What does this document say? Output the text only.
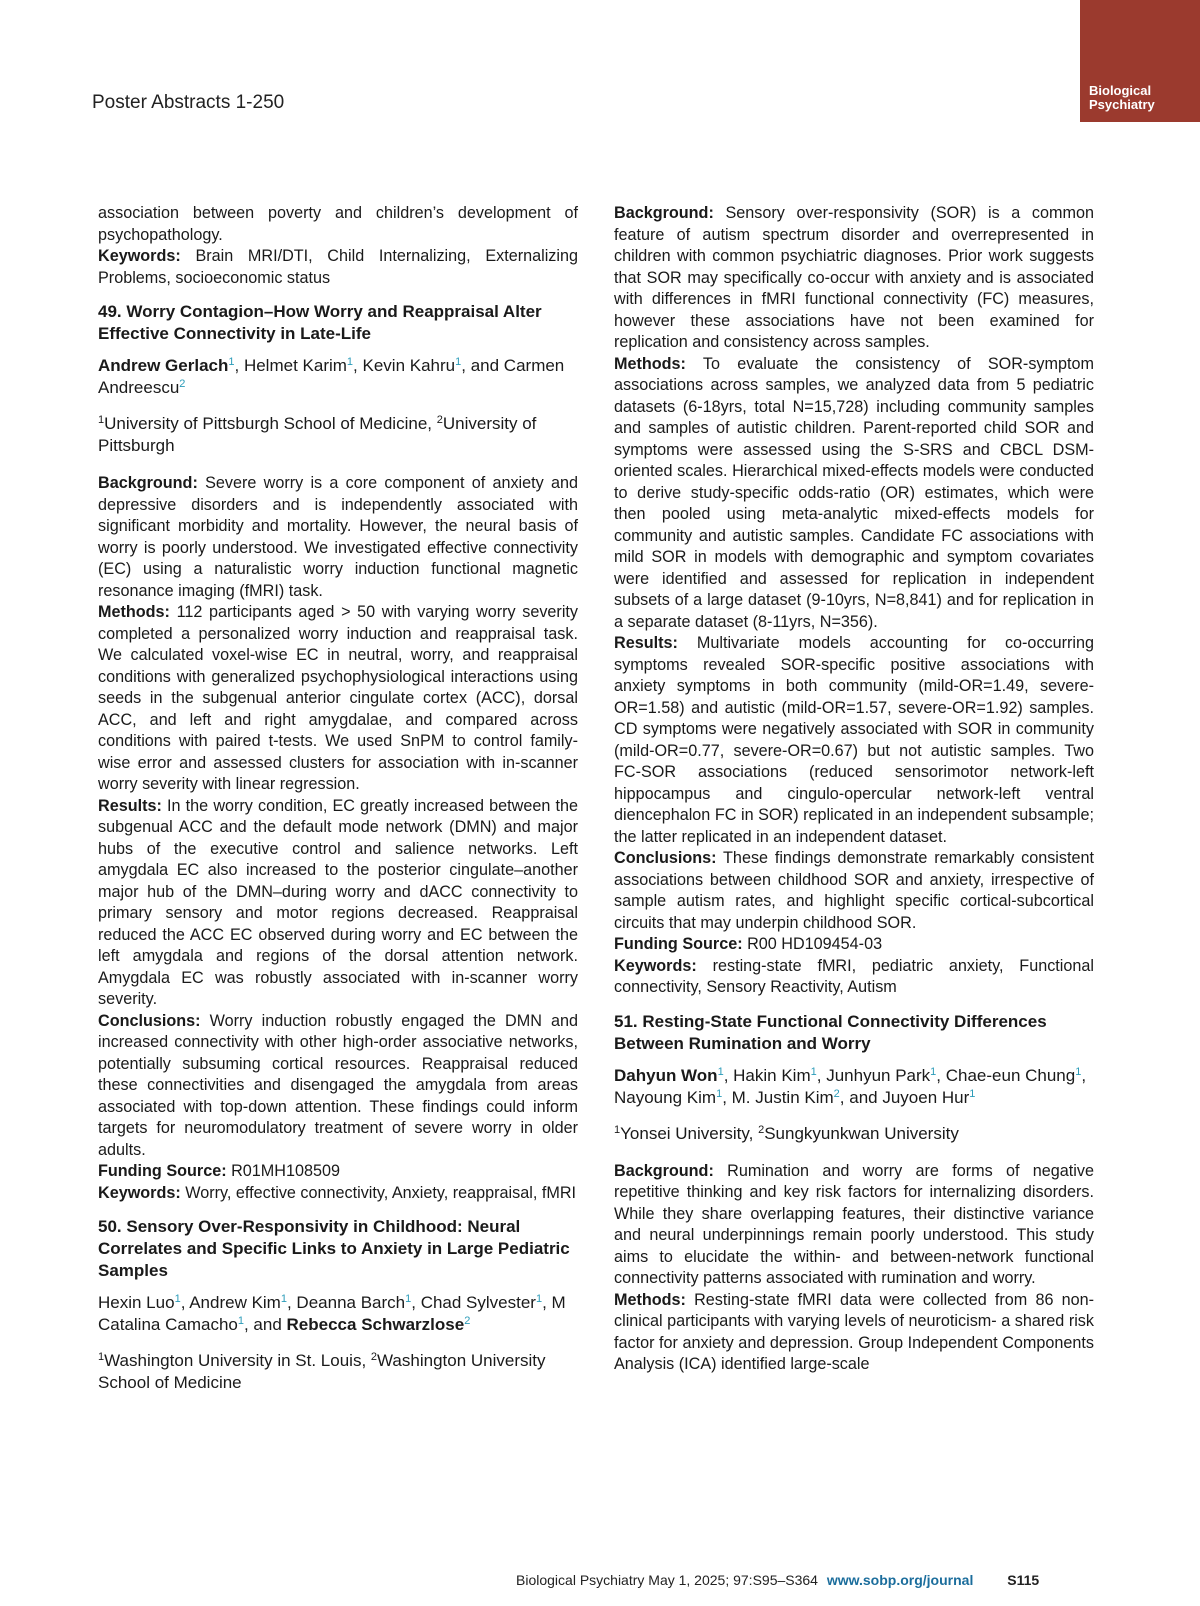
Biological
Psychiatry
Poster Abstracts 1-250

association between poverty and children’s development of psychopathology.

Keywords: Brain MRI/DTI, Child Internalizing, Externalizing Problems, socioeconomic status

49. Worry Contagion–How Worry and Reappraisal Alter Effective Connectivity in Late-Life

Andrew Gerlach$^1$, Helmet Karim$^1$, Kevin Kahru$^1$, and Carmen Andreescu$^2$

$^1$University of Pittsburgh School of Medicine, $^2$University of Pittsburgh

Background: Severe worry is a core component of anxiety and depressive disorders and is independently associated with significant morbidity and mortality. However, the neural basis of worry is poorly understood. We investigated effective connectivity (EC) using a naturalistic worry induction functional magnetic resonance imaging (fMRI) task.

Methods: 112 participants aged > 50 with varying worry severity completed a personalized worry induction and reappraisal task. We calculated voxel-wise EC in neutral, worry, and reappraisal conditions with generalized psychophysiological interactions using seeds in the subgenual anterior cingulate cortex (ACC), dorsal ACC, and left and right amygdalae, and compared across conditions with paired t-tests. We used SnPM to control family-wise error and assessed clusters for association with in-scanner worry severity with linear regression.

Results: In the worry condition, EC greatly increased between the subgenual ACC and the default mode network (DMN) and major hubs of the executive control and salience networks. Left amygdala EC also increased to the posterior cingulate–another major hub of the DMN–during worry and dACC connectivity to primary sensory and motor regions decreased. Reappraisal reduced the ACC EC observed during worry and EC between the left amygdala and regions of the dorsal attention network. Amygdala EC was robustly associated with in-scanner worry severity.

Conclusions: Worry induction robustly engaged the DMN and increased connectivity with other high-order associative networks, potentially subsuming cortical resources. Reappraisal reduced these connectivities and disengaged the amygdala from areas associated with top-down attention. These findings could inform targets for neuromodulatory treatment of severe worry in older adults.

Funding Source: R01MH108509

Keywords: Worry, effective connectivity, Anxiety, reappraisal, fMRI

50. Sensory Over-Responsivity in Childhood: Neural Correlates and Specific Links to Anxiety in Large Pediatric Samples

Hexin Luo$^1$, Andrew Kim$^1$, Deanna Barch$^1$, Chad Sylvester$^1$, M Catalina Camacho$^1$, and Rebecca Schwarzlose$^2$

$^1$Washington University in St. Louis, $^2$Washington University School of Medicine

Background: Sensory over-responsivity (SOR) is a common feature of autism spectrum disorder and overrepresented in children with common psychiatric diagnoses. Prior work suggests that SOR may specifically co-occur with anxiety and is associated with differences in fMRI functional connectivity (FC) measures, however these associations have not been examined for replication and consistency across samples.

Methods: To evaluate the consistency of SOR-symptom associations across samples, we analyzed data from 5 pediatric datasets (6-18yrs, total N=15,728) including community samples and samples of autistic children. Parent-reported child SOR and symptoms were assessed using the S-SRS and CBCL DSM-oriented scales. Hierarchical mixed-effects models were conducted to derive study-specific odds-ratio (OR) estimates, which were then pooled using meta-analytic mixed-effects models for community and autistic samples. Candidate FC associations with mild SOR in models with demographic and symptom covariates were identified and assessed for replication in independent subsets of a large dataset (9-10yrs, N=8,841) and for replication in a separate dataset (8-11yrs, N=356).

Results: Multivariate models accounting for co-occurring symptoms revealed SOR-specific positive associations with anxiety symptoms in both community (mild-OR=1.49, severe-OR=1.58) and autistic (mild-OR=1.57, severe-OR=1.92) samples. CD symptoms were negatively associated with SOR in community (mild-OR=0.77, severe-OR=0.67) but not autistic samples. Two FC-SOR associations (reduced sensorimotor network-left hippocampus and cingulo-opercular network-left ventral diencephalon FC in SOR) replicated in an independent subsample; the latter replicated in an independent dataset.

Conclusions: These findings demonstrate remarkably consistent associations between childhood SOR and anxiety, irrespective of sample autism rates, and highlight specific cortical-subcortical circuits that may underpin childhood SOR.

Funding Source: R00 HD109454-03

Keywords: resting-state fMRI, pediatric anxiety, Functional connectivity, Sensory Reactivity, Autism

51. Resting-State Functional Connectivity Differences Between Rumination and Worry

Dahyun Won$^1$, Hakin Kim$^1$, Junhyun Park$^1$, Chae-eun Chung$^1$, Nayoung Kim$^1$, M. Justin Kim$^2$, and Juyoen Hur$^1$

$^1$Yonsei University, $^2$Sungkyunkwan University

Background: Rumination and worry are forms of negative repetitive thinking and key risk factors for internalizing disorders. While they share overlapping features, their distinctive variance and neural underpinnings remain poorly understood. This study aims to elucidate the within- and between-network functional connectivity patterns associated with rumination and worry.

Methods: Resting-state fMRI data were collected from 86 non-clinical participants with varying levels of neuroticism- a shared risk factor for anxiety and depression. Group Independent Components Analysis (ICA) identified large-scale

Biological Psychiatry May 1, 2025; 97:S95–S364 www.sobp.org/journal S115
